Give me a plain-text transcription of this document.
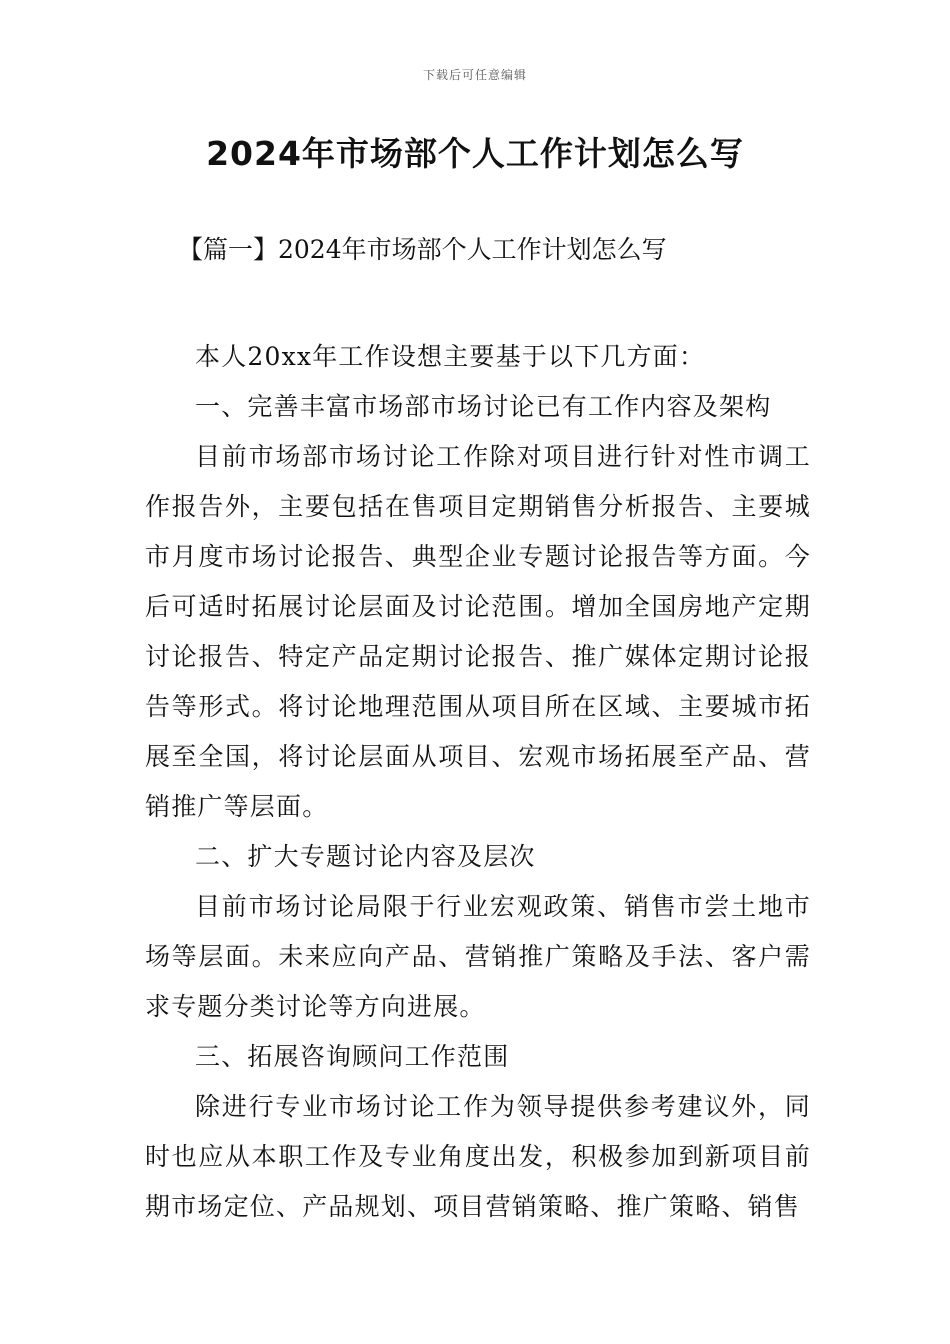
下载后可任意编辑
2024年市场部个人工作计划怎么写

【篇一】2024年市场部个人工作计划怎么写

本人20xx年工作设想主要基于以下几方面：

一、完善丰富市场部市场讨论已有工作内容及架构

目前市场部市场讨论工作除对项目进行针对性市调工作报告外，主要包括在售项目定期销售分析报告、主要城市月度市场讨论报告、典型企业专题讨论报告等方面。今后可适时拓展讨论层面及讨论范围。增加全国房地产定期讨论报告、特定产品定期讨论报告、推广媒体定期讨论报告等形式。将讨论地理范围从项目所在区域、主要城市拓展至全国，将讨论层面从项目、宏观市场拓展至产品、营销推广等层面。

二、扩大专题讨论内容及层次

目前市场讨论局限于行业宏观政策、销售市尝土地市场等层面。未来应向产品、营销推广策略及手法、客户需求专题分类讨论等方向进展。

三、拓展咨询顾问工作范围

除进行专业市场讨论工作为领导提供参考建议外，同时也应从本职工作及专业角度出发，积极参加到新项目前期市场定位、产品规划、项目营销策略、推广策略、销售
